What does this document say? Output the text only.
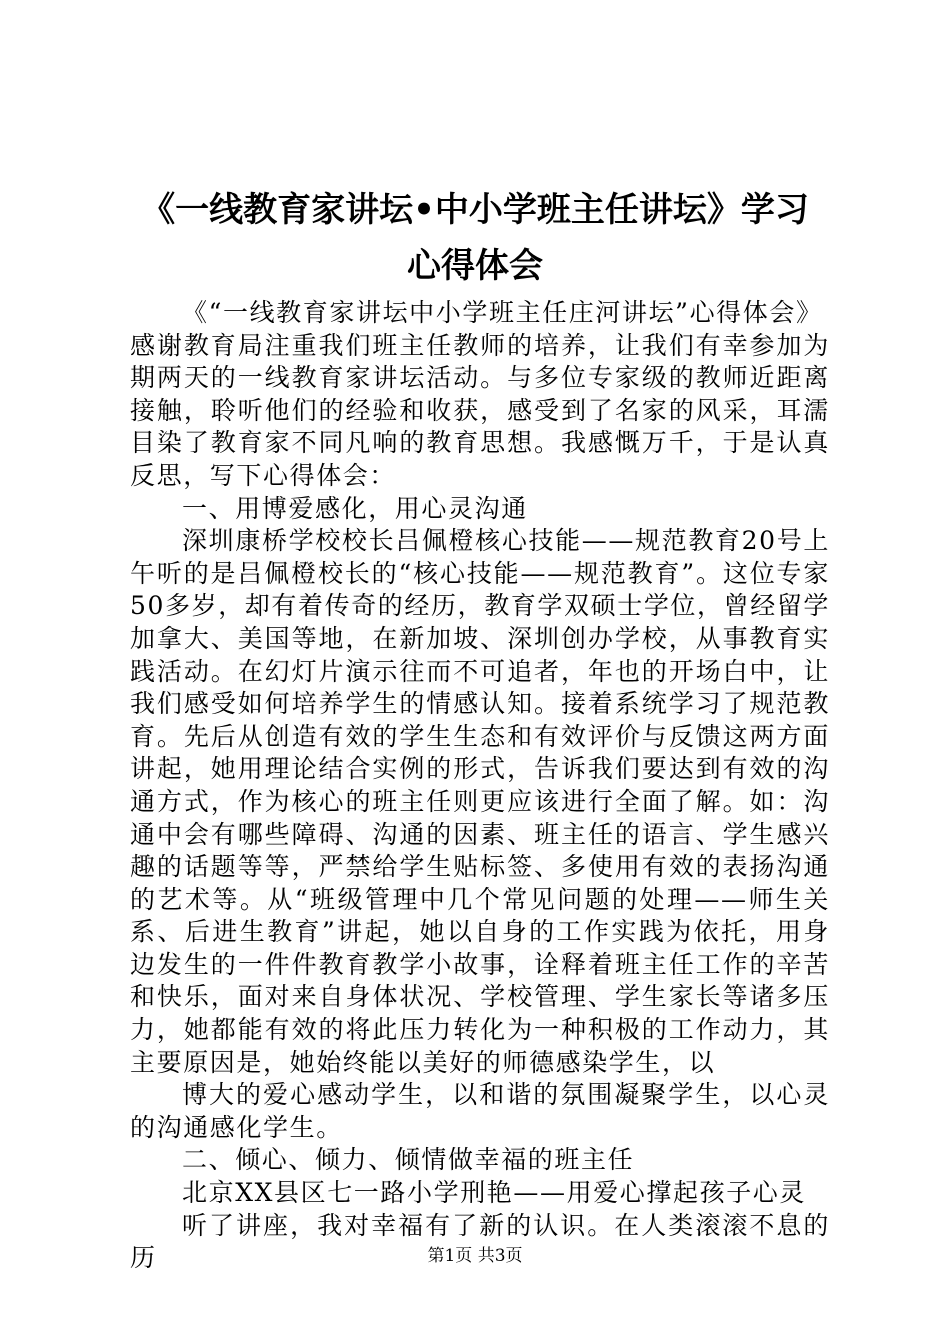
《一线教育家讲坛•中小学班主任讲坛》学习
心得体会

《“一线教育家讲坛中小学班主任庄河讲坛”心得体会》

感谢教育局注重我们班主任教师的培养，让我们有幸参加为期两天的一线教育家讲坛活动。与多位专家级的教师近距离接触，聆听他们的经验和收获，感受到了名家的风采，耳濡目染了教育家不同凡响的教育思想。我感慨万千，于是认真反思，写下心得体会：

一、用博爱感化，用心灵沟通

深圳康桥学校校长吕佩橙核心技能——规范教育20号上午听的是吕佩橙校长的“核心技能——规范教育”。这位专家50多岁，却有着传奇的经历，教育学双硕士学位，曾经留学加拿大、美国等地，在新加坡、深圳创办学校，从事教育实践活动。在幻灯片演示往而不可追者，年也的开场白中，让我们感受如何培养学生的情感认知。接着系统学习了规范教育。先后从创造有效的学生生态和有效评价与反馈这两方面讲起，她用理论结合实例的形式，告诉我们要达到有效的沟通方式，作为核心的班主任则更应该进行全面了解。如：沟通中会有哪些障碍、沟通的因素、班主任的语言、学生感兴趣的话题等等，严禁给学生贴标签、多使用有效的表扬沟通的艺术等。从“班级管理中几个常见问题的处理——师生关系、后进生教育”讲起，她以自身的工作实践为依托，用身边发生的一件件教育教学小故事，诠释着班主任工作的辛苦和快乐，面对来自身体状况、学校管理、学生家长等诸多压力，她都能有效的将此压力转化为一种积极的工作动力，其主要原因是，她始终能以美好的师德感染学生，以

博大的爱心感动学生，以和谐的氛围凝聚学生，以心灵的沟通感化学生。

二、倾心、倾力、倾情做幸福的班主任

北京XX县区七一路小学刑艳——用爱心撑起孩子心灵

听了讲座，我对幸福有了新的认识。在人类滚滚不息的历	第1页 共3页
